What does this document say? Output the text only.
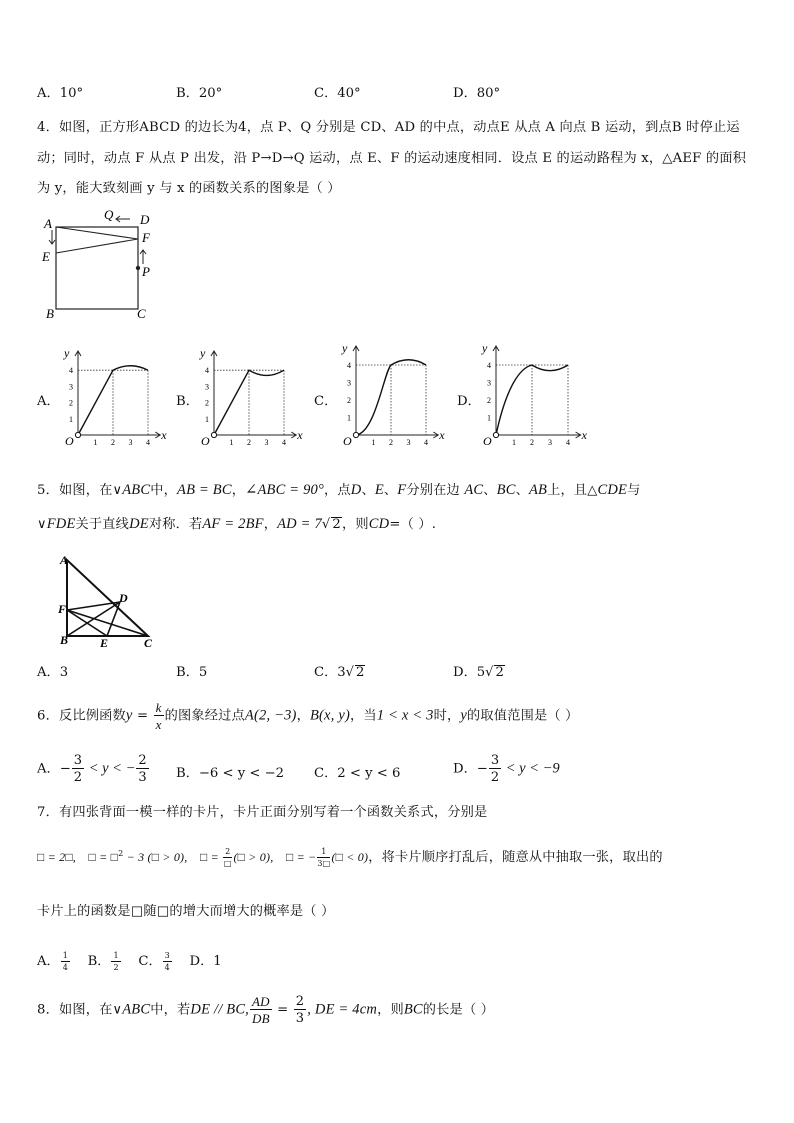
A．10°	B．20°	C．40°	D．80°
4．如图，正方形ABCD 的边长为4，点 P、Q 分别是 CD、AD 的中点，动点E 从点 A 向点 B 运动，到点B 时停止运
动；同时，动点 F 从点 P 出发，沿 P→D→Q 运动，点 E、F 的运动速度相同．设点 E 的运动路程为 x，△AEF 的面积
为 y，能大致刻画 y 与 x 的函数关系的图象是（ ）
A	D
Q
F
E
P
B	C
A．	B．	C．	D．
y
x
O
1
2
3
4
1 2 3 4
y
x
O
1
2
3
4
1 2 3 4
y
x
O
1
2
3
4
1 2 3 4
y
x
O
1
2
3
4
1 2 3 4
5．如图，在∨ABC中，AB = BC，∠ABC = 90°，点D、E、F分别在边 AC、BC、AB上，且△CDE与
∨FDE关于直线DE对称．若AF = 2BF，AD = 7√ 2，则CD=（ ）.
A
F
D
B	E	C
A．3	B．5	C．3√ 2	D．5√ 2
6．反比例函数$y = \frac{k}{x}$ 的图象经过点A(2, −3)，B(x, y)，当1 < x < 3时，y的取值范围是（ ）
A．− $\frac{3}{2} < y$ < − $\frac{2}{3}$ B．−6 < y < −2 C．2 < y < 6	D．− $\frac{3}{2} < y < -9$
7．有四张背面一模一样的卡片，卡片正面分别写着一个函数关系式，分别是
□ = 2□, □ = □$^2$ − 3 (□ > 0), □ = $\frac{2}{□}$ (□ > 0), □ = − $\frac{1}{3□}$ (□ < 0)，将卡片顺序打乱后，随意从中抽取一张，取出的
卡片上的函数是□随□的增大而增大的概率是（ ）
A． $\frac{1}{4}$ B． $\frac{1}{2}$ C． $\frac{3}{4}$ D．1
8．如图，在∨ABC中，若DE // BC, $\frac{AD}{DB} = \frac{2}{3}$ , DE = 4cm，则BC的长是（ ）
